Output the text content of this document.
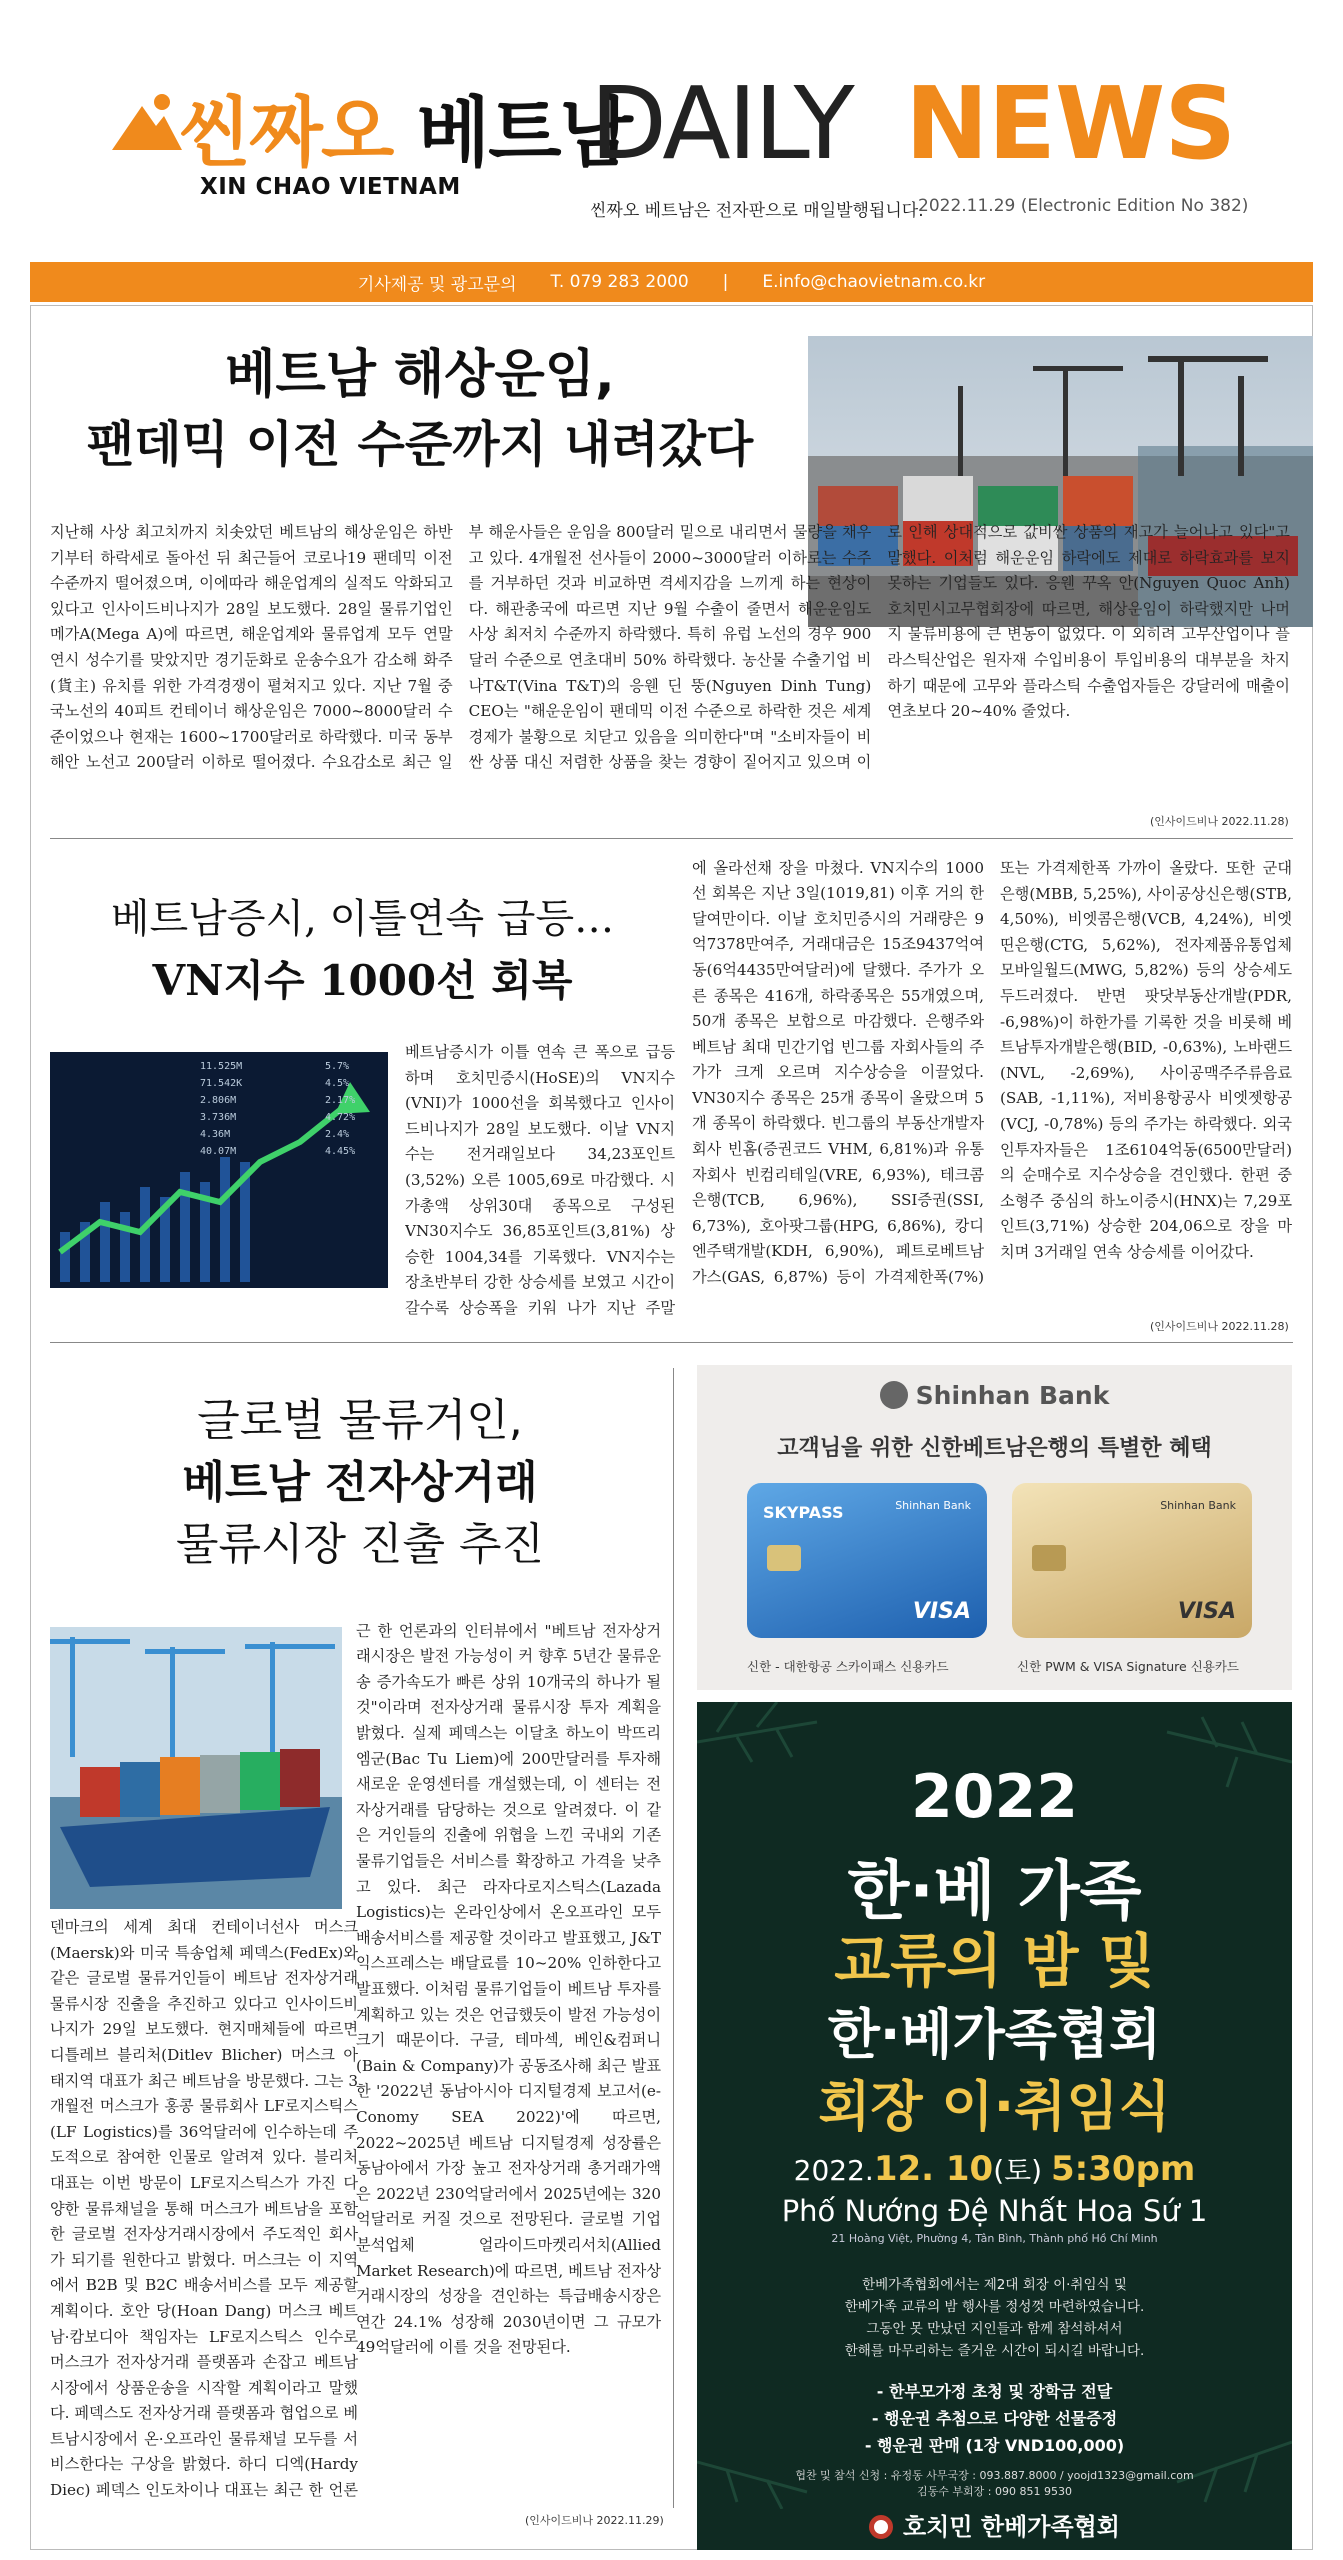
씬짜오 베트남
XIN CHAO VIETNAM
DAILY NEWS
씬짜오 베트남은 전자판으로 매일발행됩니다.
2022.11.29 (Electronic Edition No 382)
기사제공 및 광고문의 T. 079 283 2000 | E.info@chaovietnam.co.kr
베트남 해상운임,
팬데믹 이전 수준까지 내려갔다
지난해 사상 최고치까지 치솟았던 베트남의 해상운임은 하반기부터 하락세로 돌아선 뒤 최근들어 코로나19 팬데믹 이전 수준까지 떨어졌으며, 이에따라 해운업계의 실적도 악화되고 있다고 인사이드비나지가 28일 보도했다. 28일 물류기업인 메가A(Mega A)에 따르면, 해운업계와 물류업계 모두 연말연시 성수기를 맞았지만 경기둔화로 운송수요가 감소해 화주(貨主) 유치를 위한 가격경쟁이 펼쳐지고 있다. 지난 7월 중국노선의 40피트 컨테이너 해상운임은 7000~8000달러 수준이었으나 현재는 1600~1700달러로 하락했다. 미국 동부해안 노선고 200달러 이하로 떨어졌다. 수요감소로 최근 일부 해운사들은 운임을 800달러 밑으로 내리면서 물량을 채우고 있다. 4개월전 선사들이 2000~3000달러 이하로는 수주를 거부하던 것과 비교하면 격세지감을 느끼게 하는 현상이다. 해관총국에 따르면 지난 9월 수출이 줄면서 해운운임도 사상 최저치 수준까지 하락했다. 특히 유럽 노선의 경우 900달러 수준으로 연초대비 50% 하락했다. 농산물 수출기업 비나T&T(Vina T&T)의 응웬 딘 뚱(Nguyen Dinh Tung) CEO는 "해운운임이 팬데믹 이전 수준으로 하락한 것은 세계경제가 불황으로 치닫고 있음을 의미한다"며 "소비자들이 비싼 상품 대신 저렴한 상품을 찾는 경향이 짙어지고 있으며 이로 인해 상대적으로 값비싼 상품의 재고가 늘어나고 있다"고 말했다. 이처럼 해운운임 하락에도 제대로 하락효과를 보지 못하는 기업들도 있다. 응웬 꾸옥 안(Nguyen Quoc Anh) 호치민시고무협회장에 따르면, 해상운임이 하락했지만 나머지 물류비용에 큰 변동이 없었다. 이 외히려 고무산업이나 플라스틱산업은 원자재 수입비용이 투입비용의 대부분을 차지하기 때문에 고무와 플라스틱 수출업자들은 강달러에 매출이 연초보다 20~40% 줄었다.
(인사이드비나 2022.11.28)
베트남증시, 이틀연속 급등…
VN지수 1000선 회복
11.525M
71.542K
2.806M
3.736M
4.36M
40.07M
5.7%
4.5%
2.17%
4.72%
2.4%
4.45%
베트남증시가 이틀 연속 큰 폭으로 급등하며 호치민증시(HoSE)의 VN지수(VNI)가 1000선을 회복했다고 인사이드비나지가 28일 보도했다. 이날 VN지수는 전거래일보다 34,23포인트(3,52%) 오른 1005,69로 마감했다. 시가총액 상위30대 종목으로 구성된 VN30지수도 36,85포인트(3,81%) 상승한 1004,34를 기록했다. VN지수는 장초반부터 강한 상승세를 보였고 시간이 갈수록 상승폭을 키워 나가 지난 주말
에 올라선채 장을 마쳤다. VN지수의 1000선 회복은 지난 3일(1019,81) 이후 거의 한달여만이다. 이날 호치민증시의 거래량은 9억7378만여주, 거래대금은 15조9437억여동(6억4435만여달러)에 달했다. 주가가 오른 종목은 416개, 하락종목은 55개였으며, 50개 종목은 보합으로 마감했다. 은행주와 베트남 최대 민간기업 빈그룹 자회사들의 주가가 크게 오르며 지수상승을 이끌었다. VN30지수 종목은 25개 종목이 올랐으며 5개 종목이 하락했다. 빈그룹의 부동산개발자회사 빈홈(증권코드 VHM, 6,81%)과 유통자회사 빈컴리테일(VRE, 6,93%), 테크콤은행(TCB, 6,96%), SSI증권(SSI, 6,73%), 호아팟그룹(HPG, 6,86%), 캉디엔주택개발(KDH, 6,90%), 페트로베트남가스(GAS, 6,87%) 등이 가격제한폭(7%) 또는 가격제한폭 가까이 올랐다. 또한 군대은행(MBB, 5,25%), 사이공상신은행(STB, 4,50%), 비엣콤은행(VCB, 4,24%), 비엣띤은행(CTG, 5,62%), 전자제품유통업체 모바일월드(MWG, 5,82%) 등의 상승세도 두드러졌다. 반면 팟닷부동산개발(PDR, -6,98%)이 하한가를 기록한 것을 비롯해 베트남투자개발은행(BID, -0,63%), 노바랜드(NVL, -2,69%), 사이공맥주주류음료(SAB, -1,11%), 저비용항공사 비엣젯항공(VCJ, -0,78%) 등의 주가는 하락했다. 외국인투자자들은 1조6104억동(6500만달러)의 순매수로 지수상승을 견인했다. 한편 중소형주 중심의 하노이증시(HNX)는 7,29포인트(3,71%) 상승한 204,06으로 장을 마치며 3거래일 연속 상승세를 이어갔다.
(인사이드비나 2022.11.28)
글로벌 물류거인,
베트남 전자상거래
물류시장 진출 추진
덴마크의 세계 최대 컨테이너선사 머스크(Maersk)와 미국 특송업체 페덱스(FedEx)와 같은 글로벌 물류거인들이 베트남 전자상거래 물류시장 진출을 추진하고 있다고 인사이드비나지가 29일 보도했다. 현지매체들에 따르면 디틀레브 블리처(Ditlev Blicher) 머스크 아태지역 대표가 최근 베트남을 방문했다. 그는 3개월전 머스크가 홍콩 물류회사 LF로지스틱스(LF Logistics)를 36억달러에 인수하는데 주도적으로 참여한 인물로 알려져 있다. 블리처 대표는 이번 방문이 LF로지스틱스가 가진 다양한 물류채널을 통해 머스크가 베트남을 포함한 글로벌 전자상거래시장에서 주도적인 회사가 되기를 원한다고 밝혔다. 머스크는 이 지역에서 B2B 및 B2C 배송서비스를 모두 제공할 계획이다. 호안 당(Hoan Dang) 머스크 베트남·캄보디아 책임자는 LF로지스틱스 인수로 머스크가 전자상거래 플랫폼과 손잡고 베트남시장에서 상품운송을 시작할 계획이라고 말했다. 페덱스도 전자상거래 플랫폼과 협업으로 베트남시장에서 온·오프라인 물류채널 모두를 서비스한다는 구상을 밝혔다. 하디 디엑(Hardy Diec) 페덱스 인도차이나 대표는 최근 한 언론
근 한 언론과의 인터뷰에서 "베트남 전자상거래시장은 발전 가능성이 커 향후 5년간 물류운송 증가속도가 빠른 상위 10개국의 하나가 될 것"이라며 전자상거래 물류시장 투자 계획을 밝혔다. 실제 페덱스는 이달초 하노이 박뜨리엠군(Bac Tu Liem)에 200만달러를 투자해 새로운 운영센터를 개설했는데, 이 센터는 전자상거래를 담당하는 것으로 알려졌다. 이 같은 거인들의 진출에 위협을 느낀 국내외 기존 물류기업들은 서비스를 확장하고 가격을 낮추고 있다. 최근 라자다로지스틱스(Lazada Logistics)는 온라인상에서 온오프라인 모두 배송서비스를 제공할 것이라고 발표했고, J&T익스프레스는 배달료를 10~20% 인하한다고 발표했다. 이처럼 물류기업들이 베트남 투자를 계획하고 있는 것은 언급했듯이 발전 가능성이 크기 때문이다. 구글, 테마섹, 베인&컴퍼니(Bain & Company)가 공동조사해 최근 발표한 '2022년 동남아시아 디지털경제 보고서(e-Conomy SEA 2022)'에 따르면, 2022~2025년 베트남 디지털경제 성장률은 동남아에서 가장 높고 전자상거래 총거래가액은 2022년 230억달러에서 2025년에는 320억달러로 커질 것으로 전망된다. 글로벌 기업분석업체 얼라이드마켓리서치(Allied Market Research)에 따르면, 베트남 전자상거래시장의 성장을 견인하는 특급배송시장은 연간 24.1% 성장해 2030년이면 그 규모가 49억달러에 이를 것을 전망된다.
(인사이드비나 2022.11.29)
Shinhan Bank
고객님을 위한 신한베트남은행의 특별한 혜택
SKYPASS	Shinhan Bank
VISA
Shinhan Bank
VISA
신한 - 대한항공 스카이패스 신용카드	신한 PWM & VISA Signature 신용카드
2022
한·베 가족
교류의 밤 및
한·베가족협회
회장 이·취임식
2022.12. 10(토) 5:30pm
Phố Nướng Đệ Nhất Hoa Sứ 1
21 Hoàng Việt, Phường 4, Tân Bình, Thành phố Hồ Chí Minh
한베가족협회에서는 제2대 회장 이·취임식 및
한베가족 교류의 밤 행사를 정성껏 마련하였습니다.
그동안 못 만났던 지인들과 함께 참석하셔서
한해를 마무리하는 즐거운 시간이 되시길 바랍니다.
- 한부모가정 초청 및 장학금 전달
- 행운권 추첨으로 다양한 선물증정
- 행운권 판매 (1장 VND100,000)
협찬 및 참석 신청 : 유정동 사무국장 : 093.887.8000 / yoojd1323@gmail.com
김동수 부회장 : 090 851 9530
호치민 한베가족협회
